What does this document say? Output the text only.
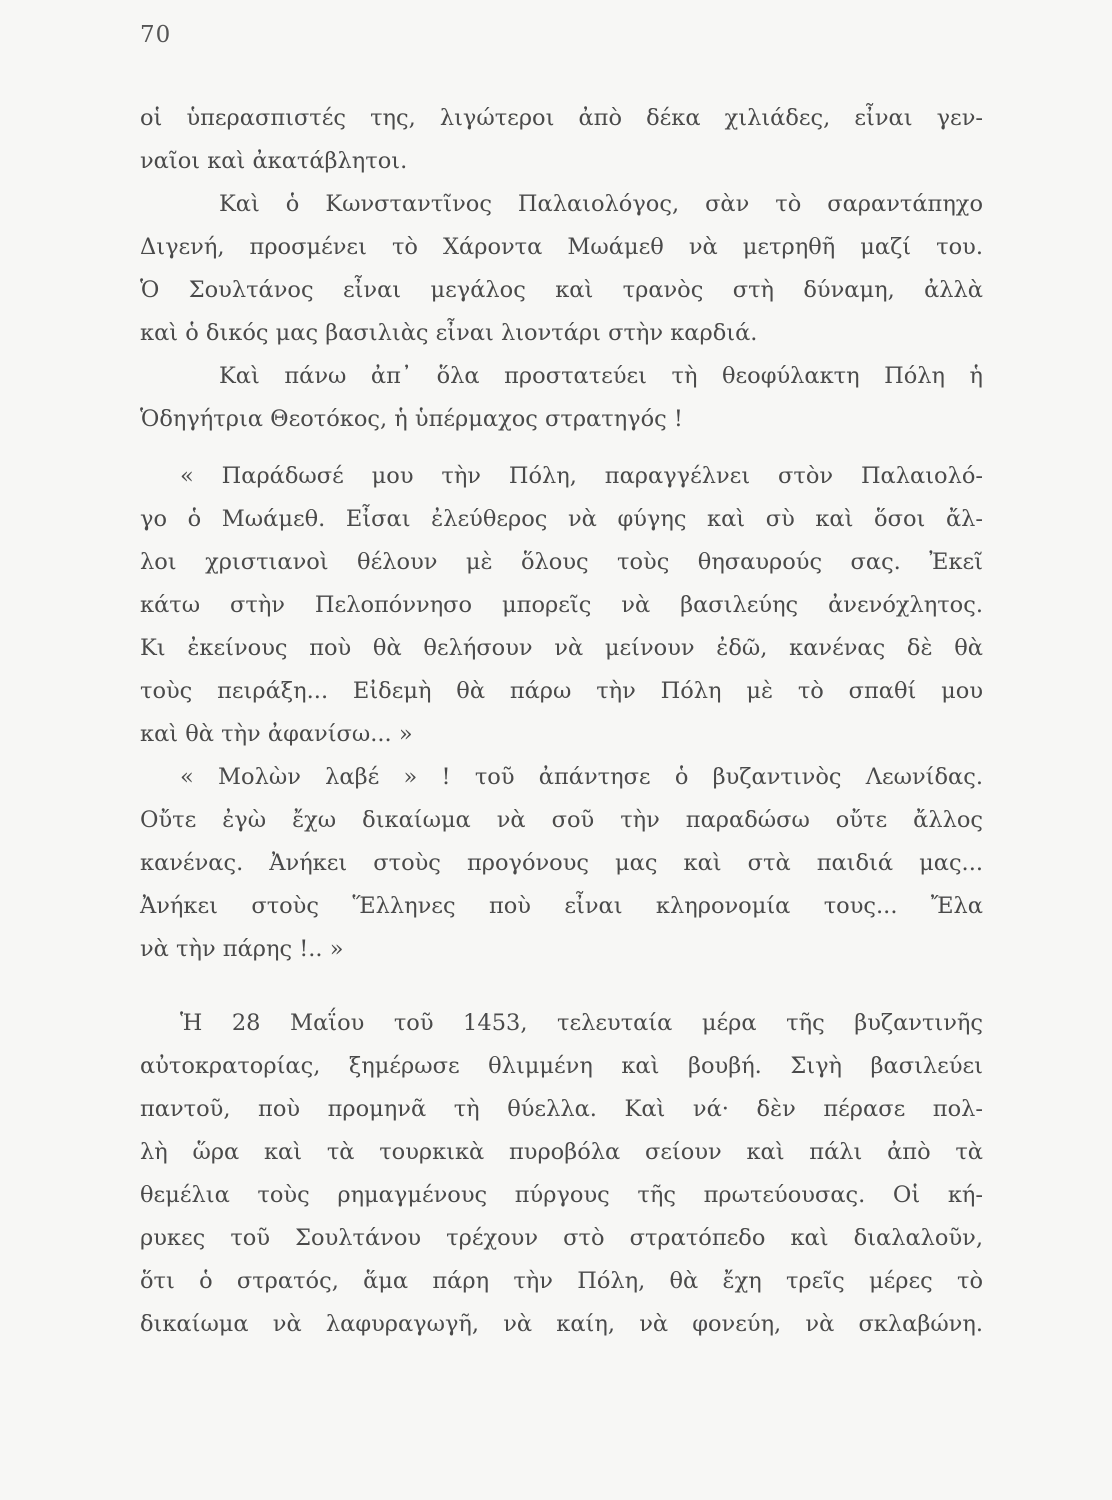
70
οἱ ὑπερασπιστές της, λιγώτεροι ἀπὸ δέκα χιλιάδες, εἶναι γεν-
ναῖοι καὶ ἀκατάβλητοι.
Καὶ ὁ Κωνσταντῖνος Παλαιολόγος, σὰν τὸ σαραντάπηχο
Διγενή, προσμένει τὸ Χάροντα Μωάμεθ νὰ μετρηθῆ μαζί του.
Ὁ Σουλτάνος εἶναι μεγάλος καὶ τρανὸς στὴ δύναμη, ἀλλὰ
καὶ ὁ δικός μας βασιλιὰς εἶναι λιοντάρι στὴν καρδιά.
Καὶ πάνω ἀπ᾽ ὅλα προστατεύει τὴ θεοφύλακτη Πόλη ἡ
Ὁδηγήτρια Θεοτόκος, ἡ ὑπέρμαχος στρατηγός !
« Παράδωσέ μου τὴν Πόλη, παραγγέλνει στὸν Παλαιολό-
γο ὁ Μωάμεθ. Εἶσαι ἐλεύθερος νὰ φύγης καὶ σὺ καὶ ὅσοι ἄλ-
λοι χριστιανοὶ θέλουν μὲ ὅλους τοὺς θησαυρούς σας. Ἐκεῖ
κάτω στὴν Πελοπόννησο μπορεῖς νὰ βασιλεύης ἀνενόχλητος.
Κι ἐκείνους ποὺ θὰ θελήσουν νὰ μείνουν ἐδῶ, κανένας δὲ θὰ
τοὺς πειράξη... Εἰδεμὴ θὰ πάρω τὴν Πόλη μὲ τὸ σπαθί μου
καὶ θὰ τὴν ἀφανίσω... »
« Μολὼν λαβέ » ! τοῦ ἀπάντησε ὁ βυζαντινὸς Λεωνίδας.
Οὔτε ἐγὼ ἔχω δικαίωμα νὰ σοῦ τὴν παραδώσω οὔτε ἄλλος
κανένας. Ἀνήκει στοὺς προγόνους μας καὶ στὰ παιδιά μας...
Ἀνήκει στοὺς Ἕλληνες ποὺ εἶναι κληρονομία τους... Ἔλα
νὰ τὴν πάρης !.. »
Ἡ 28 Μαΐου τοῦ 1453, τελευταία μέρα τῆς βυζαντινῆς
αὐτοκρατορίας, ξημέρωσε θλιμμένη καὶ βουβή. Σιγὴ βασιλεύει
παντοῦ, ποὺ προμηνᾶ τὴ θύελλα. Καὶ νά· δὲν πέρασε πολ-
λὴ ὥρα καὶ τὰ τουρκικὰ πυροβόλα σείουν καὶ πάλι ἀπὸ τὰ
θεμέλια τοὺς ρημαγμένους πύργους τῆς πρωτεύουσας. Οἱ κή-
ρυκες τοῦ Σουλτάνου τρέχουν στὸ στρατόπεδο καὶ διαλαλοῦν,
ὅτι ὁ στρατός, ἅμα πάρη τὴν Πόλη, θὰ ἔχη τρεῖς μέρες τὸ
δικαίωμα νὰ λαφυραγωγῆ, νὰ καίη, νὰ φονεύη, νὰ σκλαβώνη.
